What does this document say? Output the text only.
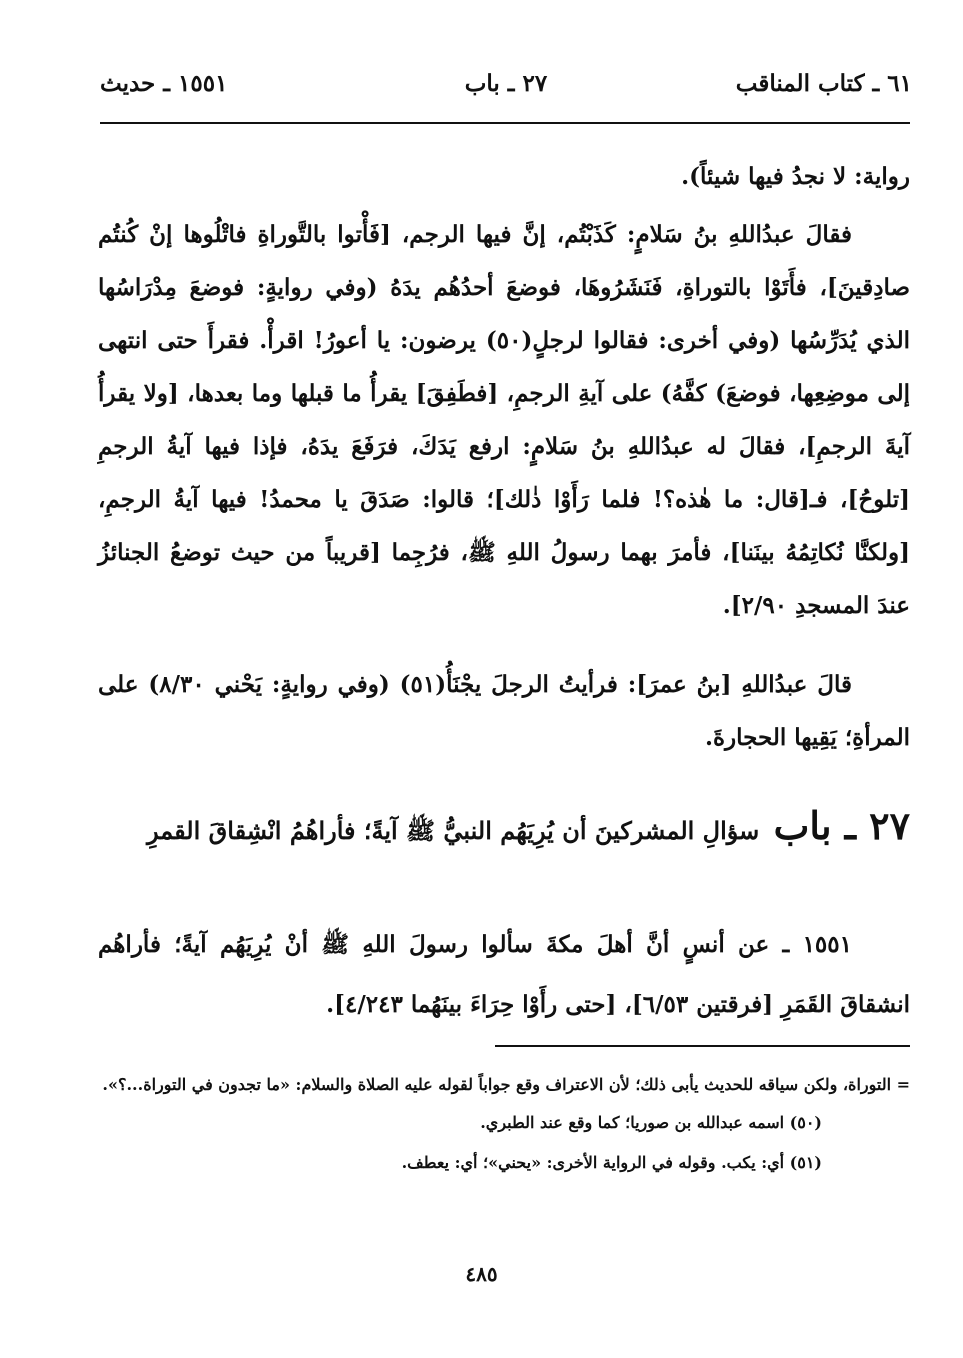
٦١ ـ كتاب المناقب
٢٧ ـ باب
١٥٥١ ـ حديث

رواية: لا نجدُ فيها شيئاً).

فقالَ عبدُاللهِ بنُ سَلامٍ: كَذَبْتُم، إنَّ فيها الرجم، [فَأْتوا بالتَّوراةِ فاتْلُوها إنْ كُنتُم صادِقينَ]، فأَتَوْا بالتوراةِ، فَنَشَرُوهَا، فوضعَ أحدُهُم يدَهُ (وفي روايةٍ: فوضعَ مِدْرَاسُها الذي يُدَرِّسُها (وفي أخرى: فقالوا لرجلٍ(٥٠) يرضون: يا أعورُ! اقرأْ. فقرأَ حتى انتهى إلى موضِعِها، فوضعَ) كفَّهُ) على آيةِ الرجمِ، [فطَفِقَ] يقرأُ ما قبلها وما بعدها، [ولا يقرأُ آيةَ الرجمِ]، فقالَ له عبدُاللهِ بنُ سَلامٍ: ارفع يَدَكَ، فرَفَعَ يدَهُ، فإذا فيها آيةُ الرجمِ [تلوحُ]، فـ[قال: ما هٰذه؟! فلما رَأَوْا ذٰلك]؛ قالوا: صَدَقَ يا محمدُ! فيها آيةُ الرجمِ، [ولكنَّا نُكاتِمُهُ بينَنا]، فأمرَ بهما رسولُ اللهِ ﷺ، فرُجِما [قريباً من حيث توضعُ الجنائزُ عندَ المسجدِ ٢/٩٠].

قالَ عبدُاللهِ [بنُ عمرَ]: فرأيتُ الرجلَ يجْنَأُ(٥١) (وفي روايةٍ: يَحْني ٨/٣٠) على المرأةِ؛ يَقِيها الحجارةَ.

٢٧ ـ باب سؤالِ المشركينَ أن يُرِيَهُم النبيُّ ﷺ آيةً؛ فأراهُمُ انْشِقاقَ القمرِ

١٥٥١ ـ عن أنسٍ أنَّ أهلَ مكةَ سألوا رسولَ اللهِ ﷺ أنْ يُرِيَهُم آيةً؛ فأراهُم انشقاقَ القَمَرِ [فرقتين ٦/٥٣]، [حتى رأَوْا حِرَاءَ بينَهُما ٤/٢٤٣].

= التوراة، ولكن سياقه للحديث يأبى ذلك؛ لأن الاعتراف وقع جواباً لقوله عليه الصلاة والسلام: «ما تجدون في التوراة...؟».
(٥٠) اسمه عبدالله بن صوريا؛ كما وقع عند الطبري.
(٥١) أي: يكب. وقوله في الرواية الأخرى: «يحني»؛ أي: يعطف.
٤٨٥
